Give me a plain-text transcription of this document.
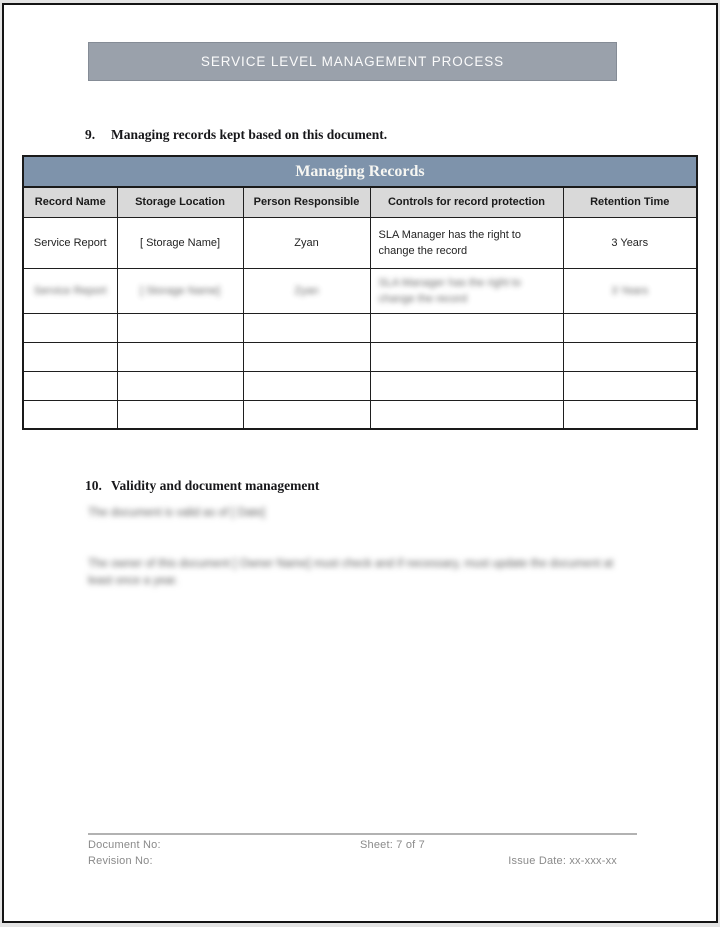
SERVICE LEVEL MANAGEMENT PROCESS
9.	Managing records kept based on this document.
Managing Records				
Record Name	Storage Location	Person Responsible	Controls for record protection	Retention Time
Service Report	[ Storage Name]	Zyan	SLA Manager has the right to change the record	3 Years
Service Report	[ Storage Name]	Zyan	SLA Manager has the right to change the record	3 Years

10. Validity and document management
The document is valid as of [ Date]
The owner of this document [ Owner Name] must check and if necessary, must update the document at least once a year.
Document No:	Sheet: 7 of 7
Revision No:	Issue Date: xx-xxx-xx
